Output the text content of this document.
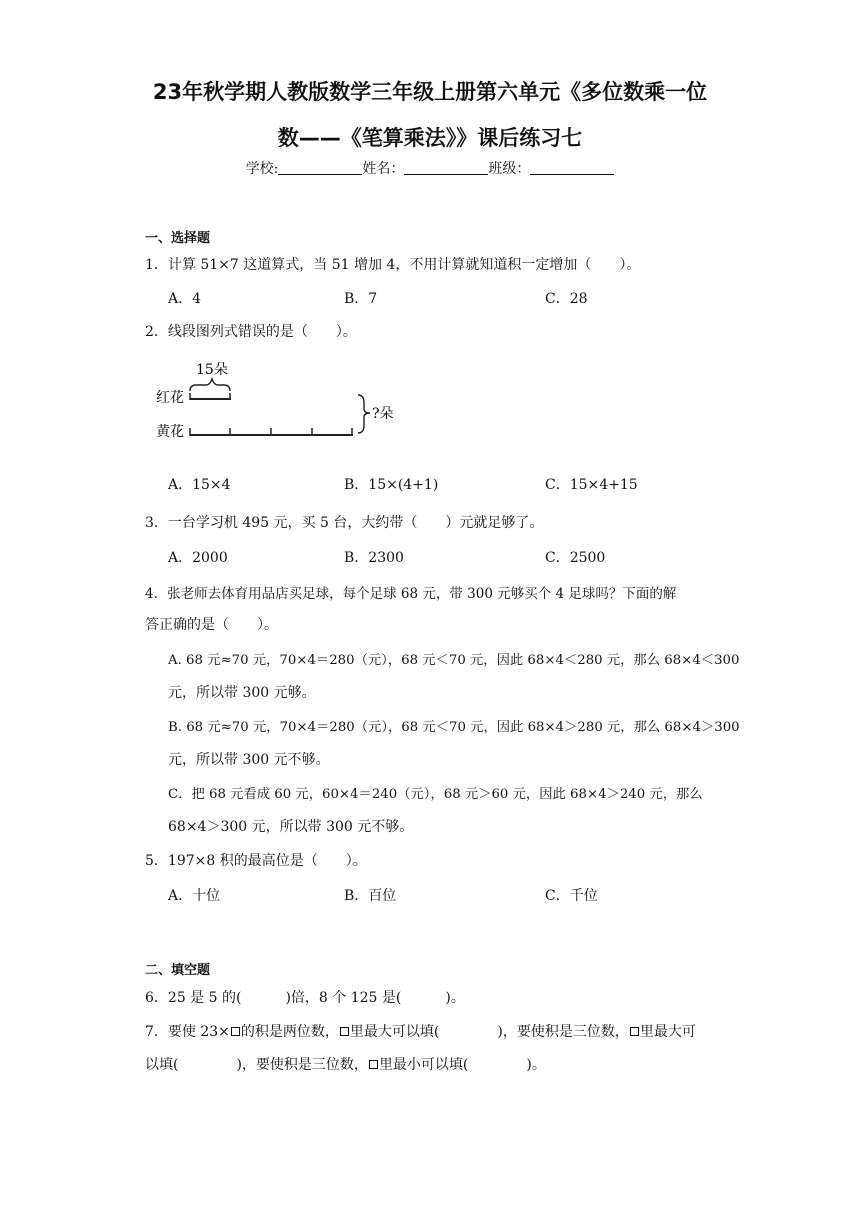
23年秋学期人教版数学三年级上册第六单元《多位数乘一位
数——《笔算乘法》》课后练习七
学校:	姓名：	班级：
一、选择题
1．计算 51×7 这道算式，当 51 增加 4，不用计算就知道积一定增加（ ）。
A．4	B．7	C．28
2．线段图列式错误的是（ ）。
15朵
红花
黄花
?朵
A．15×4	B．15×(4+1)	C．15×4+15
3．一台学习机 495 元，买 5 台，大约带（ ）元就足够了。
A．2000	B．2300	C．2500
4．张老师去体育用品店买足球，每个足球 68 元，带 300 元够买个 4 足球吗？下面的解
答正确的是（ ）。
A. 68 元≈70 元，70×4＝280（元），68 元＜70 元，因此 68×4＜280 元，那么 68×4＜300
元，所以带 300 元够。
B. 68 元≈70 元，70×4＝280（元），68 元＜70 元，因此 68×4＞280 元，那么 68×4＞300
元，所以带 300 元不够。
C．把 68 元看成 60 元，60×4＝240（元），68 元＞60 元，因此 68×4＞240 元，那么
68×4＞300 元，所以带 300 元不够。
5．197×8 积的最高位是（ ）。
A．十位	B．百位	C．千位
二、填空题
6．25 是 5 的(	)倍，8 个 125 是(	)。
7．要使 23× 的积是两位数， 里最大可以填(	)，要使积是三位数， 里最大可
以填(	)，要使积是三位数， 里最小可以填(	)。
